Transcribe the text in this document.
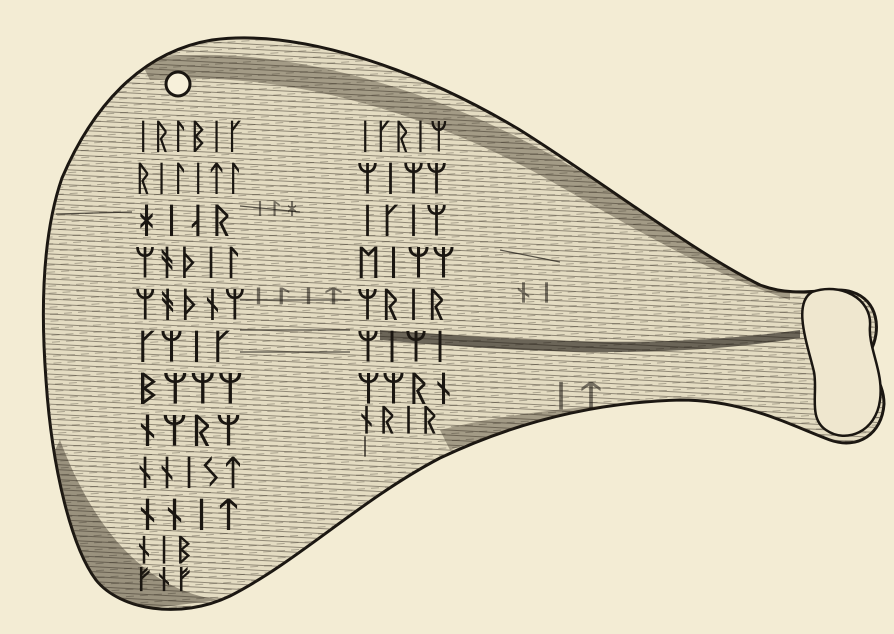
ᛁᚱᛚᛒᛁᚴ
ᚱᛁᛚᛁᛏᛚ
ᚼᛁᛆᚱ
ᛘᚬᚦᛁᛚ
ᛘᚬᚦᚾᛘ
ᚴᛘᛁᚴ
ᛒᛘᛘᛘ
ᚾᛘᚱᛘ
ᚾᚾᛁᛊᛏ
ᚾᚾᛁᛏ
ᚾᛁᛒ
ᚠᚾᚠ
ᛁᚴᚱᛁᛘ
ᛘᛁᛘᛘ
ᛁᚴᛁᛘ
ᛖᛁᛘᛘ
ᛘᚱᛁᚱ
ᛘᛁᛘᛁ
ᛘᛘᚱᚾ
ᚾᚱᛁᚱ
ᛁ
ᛁᛚᚼ
ᛁᛚᛁᛏ
ᛁᛏ
ᚾᛁ
